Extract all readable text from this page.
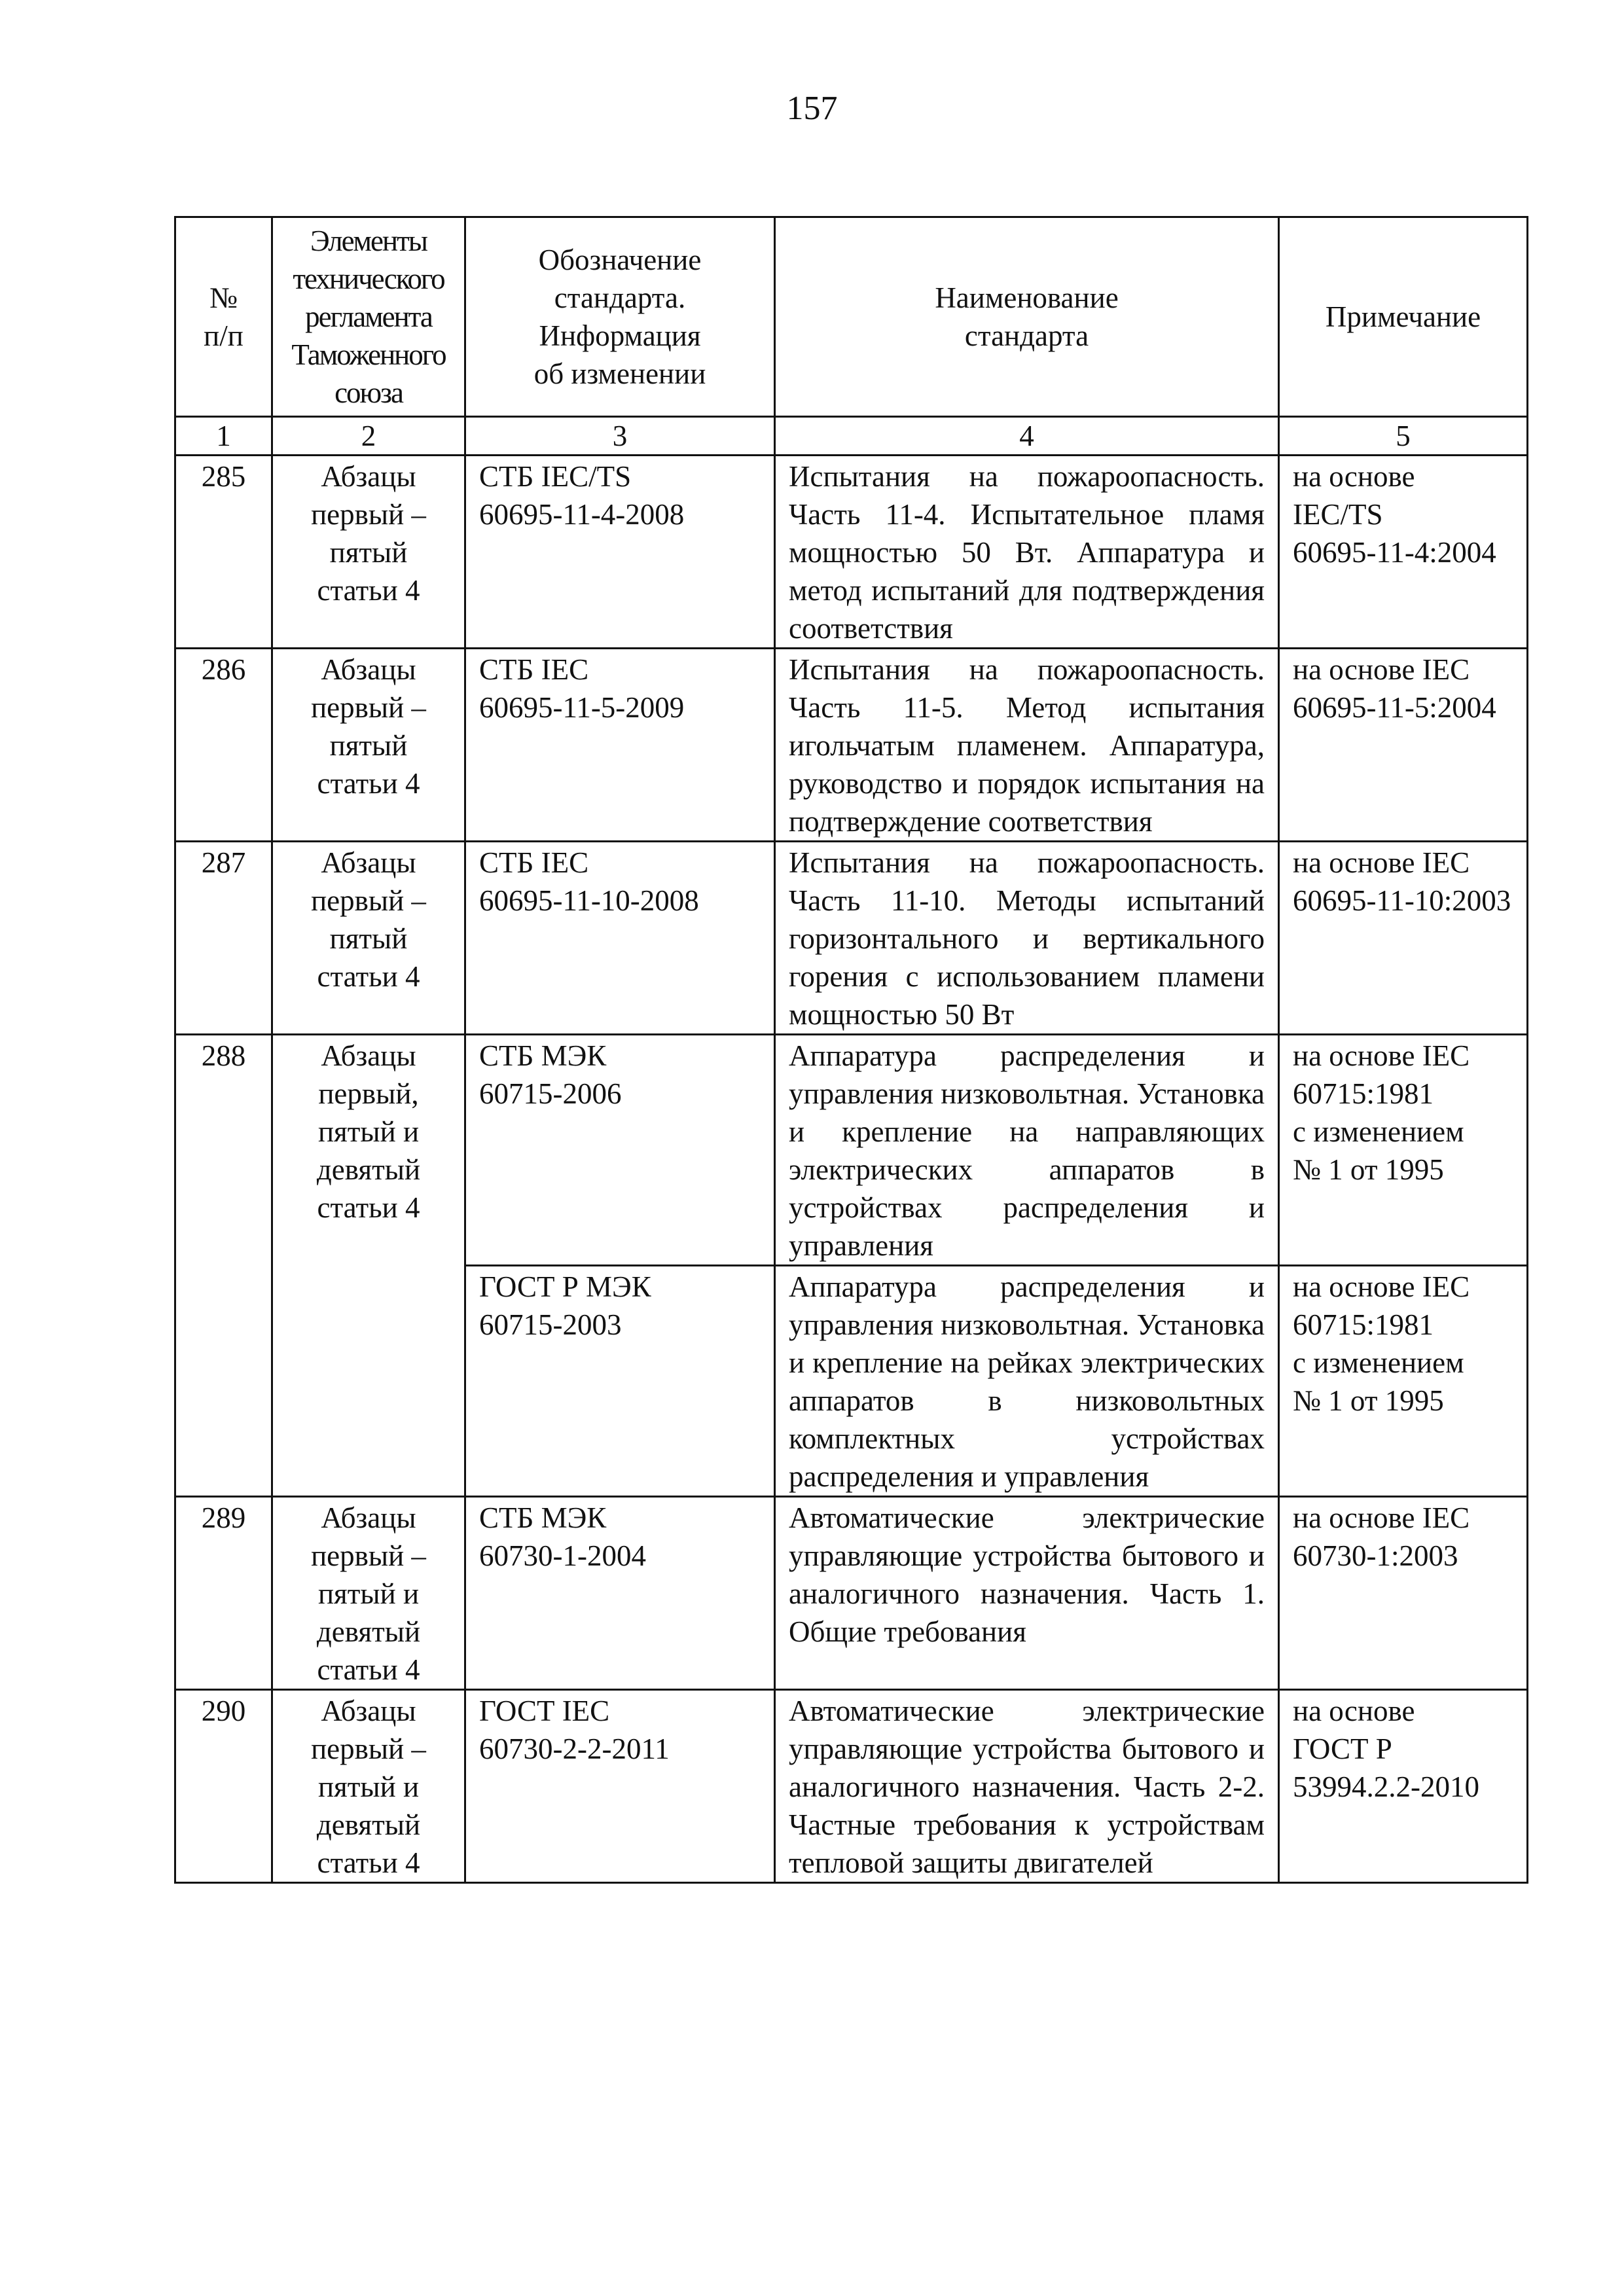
157
№
п/п	Элементы
технического
регламента
Таможенного
союза	Обозначение
стандарта.
Информация
об изменении	Наименование
стандарта	Примечание
1	2	3	4	5
285	Абзацы
первый –
пятый
статьи 4	СТБ IEC/TS
60695-11-4-2008	Испытания на пожароопасность. Часть 11-4. Испытательное пламя мощностью 50 Вт. Аппаратура и метод испытаний для подтверждения соответствия	на основе
IEC/TS
60695-11-4:2004

286	Абзацы
первый –
пятый
статьи 4	СТБ IEC
60695-11-5-2009	Испытания на пожароопасность. Часть 11-5. Метод испытания игольчатым пламенем. Аппаратура, руководство и порядок испытания на подтверждение соответствия	на основе IEC
60695-11-5:2004

287	Абзацы
первый –
пятый
статьи 4	СТБ IEC
60695-11-10-2008	Испытания на пожароопасность. Часть 11-10. Методы испытаний горизонтального и вертикального горения с использованием пламени мощностью 50 Вт	на основе IEC
60695-11-10:2003

288	Абзацы
первый,
пятый и
девятый
статьи 4	СТБ МЭК
60715-2006	Аппаратура распределения и управления низковольтная. Установка и крепление на направляющих электрических аппаратов в устройствах распределения и управления	на основе IEC
60715:1981
с изменением
№ 1 от 1995

		ГОСТ Р МЭК
60715-2003	Аппаратура распределения и управления низковольтная. Установка и крепление на рейках электрических аппаратов в низковольтных комплектных устройствах распределения и управления	на основе IEC
60715:1981
с изменением
№ 1 от 1995

289	Абзацы
первый –
пятый и
девятый
статьи 4	СТБ МЭК
60730-1-2004	Автоматические электрические управляющие устройства бытового и аналогичного назначения. Часть 1. Общие требования	на основе IEC
60730-1:2003

290	Абзацы
первый –
пятый и
девятый
статьи 4	ГОСТ IEC
60730-2-2-2011	Автоматические электрические управляющие устройства бытового и аналогичного назначения. Часть 2-2. Частные требования к устройствам тепловой защиты двигателей	на основе
ГОСТ Р
53994.2.2-2010
